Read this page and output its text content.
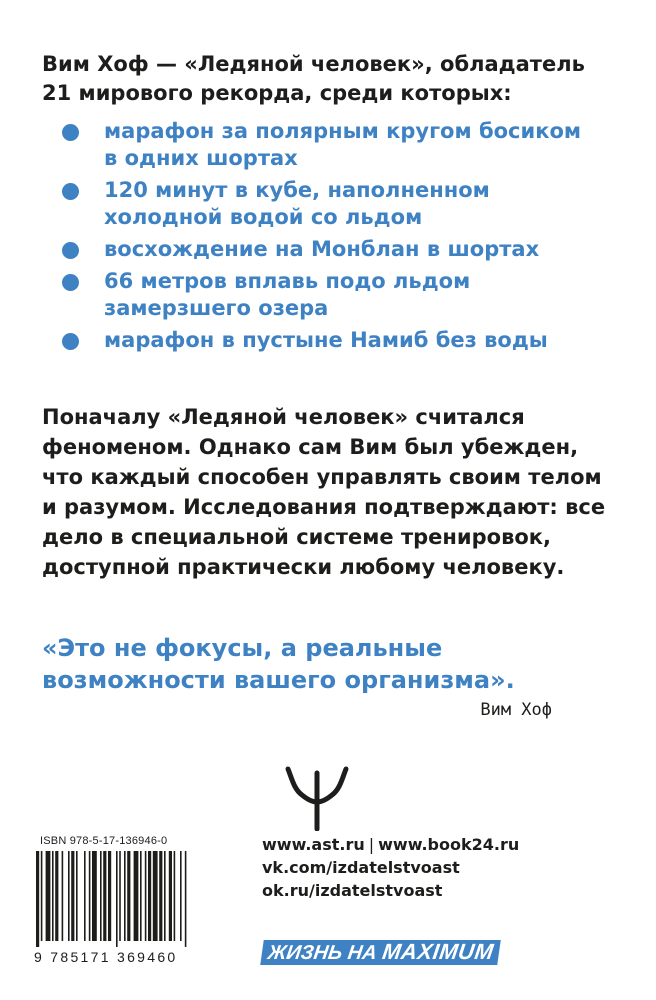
Вим Хоф — «Ледяной человек», обладатель
21 мирового рекорда, среди которых:

марафон за полярным кругом босиком в одних шортах
120 минут в кубе, наполненном холодной водой со льдом
восхождение на Монблан в шортах
66 метров вплавь подо льдом замерзшего озера
марафон в пустыне Намиб без воды

Поначалу «Ледяной человек» считался феноменом. Однако сам Вим был убежден, что каждый способен управлять своим телом и разумом. Исследования подтверждают: все дело в специальной системе тренировок, доступной практически любому человеку.

«Это не фокусы, а реальные возможности вашего организма».

Вим Хоф
ISBN 978-5-17-136946-0
9 785171 369460
www.ast.ru | www.book24.ru
vk.com/izdatelstvoast
ok.ru/izdatelstvoast
ЖИЗНЬ НА MAXIMUM
